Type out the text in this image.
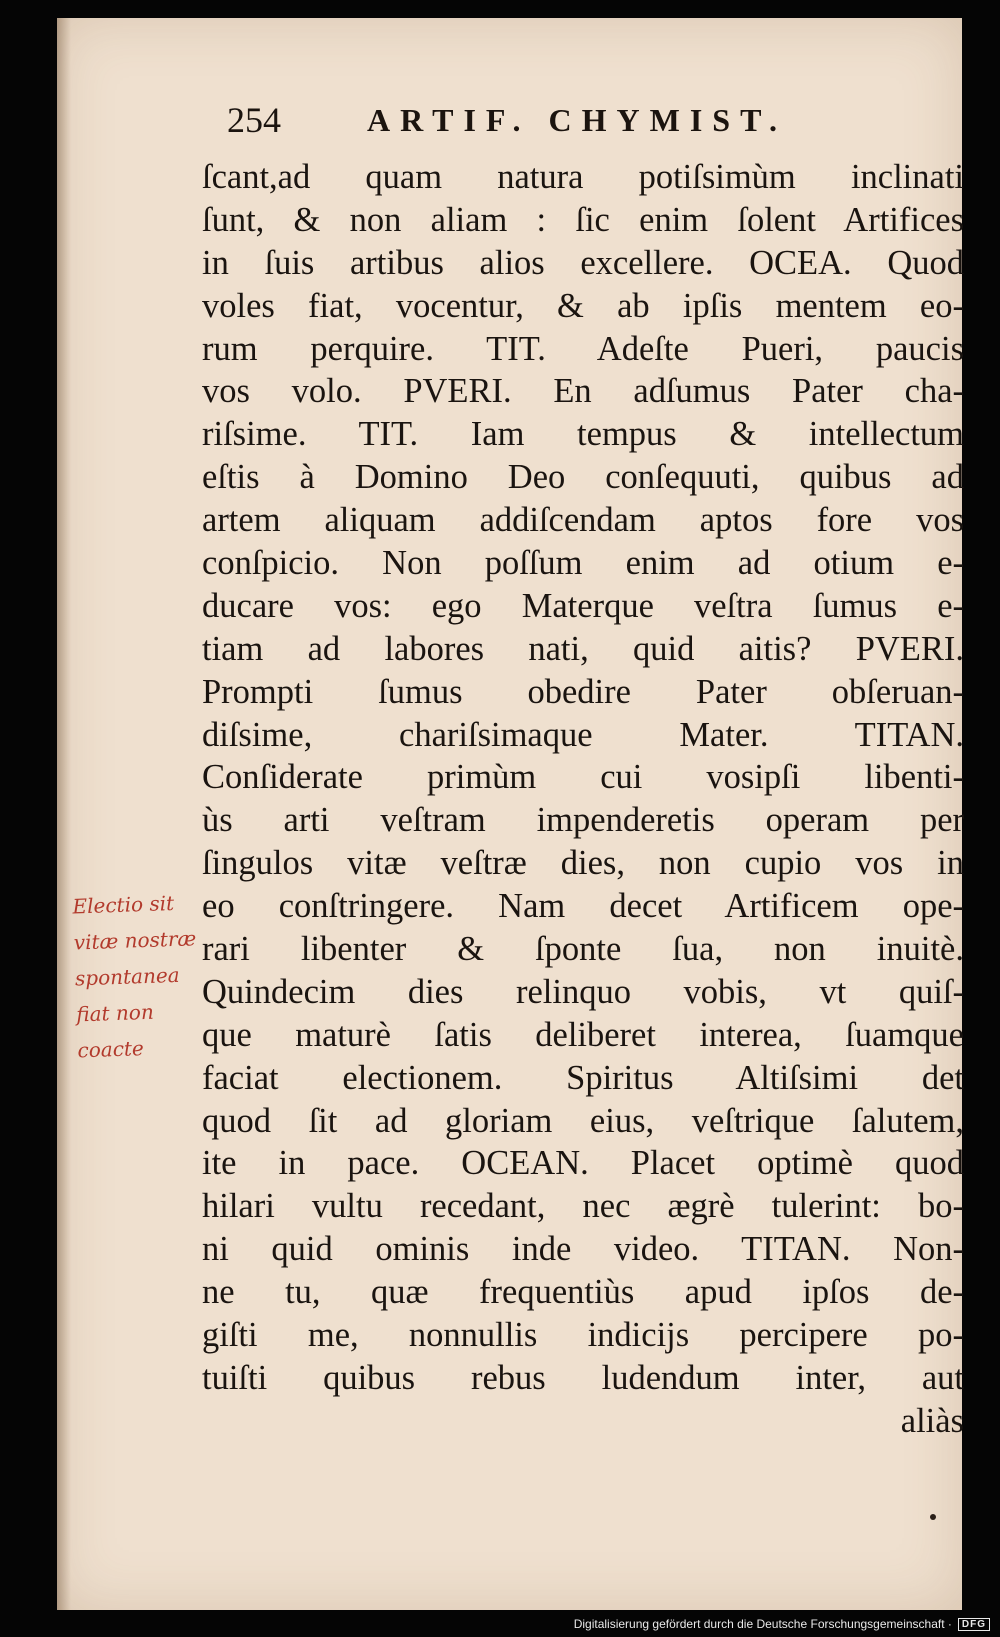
254	ARTIF. CHYMIST.
ſcant,ad quam natura potiſsimùm inclinati
ſunt, & non aliam : ſic enim ſolent Artifices
in ſuis artibus alios excellere. OCEA. Quod
voles fiat, vocentur, & ab ipſis mentem eo-
rum perquire. TIT. Adeſte Pueri, paucis
vos volo. PVERI. En adſumus Pater cha-
riſsime. TIT. Iam tempus & intellectum
eſtis à Domino Deo conſequuti, quibus ad
artem aliquam addiſcendam aptos fore vos
conſpicio. Non poſſum enim ad otium e-
ducare vos: ego Materque veſtra ſumus e-
tiam ad labores nati, quid aitis? PVERI.
Prompti ſumus obedire Pater obſeruan-
diſsime, chariſsimaque Mater. TITAN.
Conſiderate primùm cui vosipſi libenti-
ùs arti veſtram impenderetis operam per
ſingulos vitæ veſtræ dies, non cupio vos in
eo conſtringere. Nam decet Artificem ope-
rari libenter & ſponte ſua, non inuitè.
Quindecim dies relinquo vobis, vt quiſ-
que maturè ſatis deliberet interea, ſuamque
faciat electionem. Spiritus Altiſsimi det
quod ſit ad gloriam eius, veſtrique ſalutem,
ite in pace. OCEAN. Placet optimè quod
hilari vultu recedant, nec ægrè tulerint: bo-
ni quid ominis inde video. TITAN. Non-
ne tu, quæ frequentiùs apud ipſos de-
giſti me, nonnullis indicijs percipere po-
tuiſti quibus rebus ludendum inter, aut
aliàs
Electio sit
vitæ nostræ
spontanea
fiat non
coacte
Digitalisierung gefördert durch die Deutsche Forschungsgemeinschaft ·	DFG
